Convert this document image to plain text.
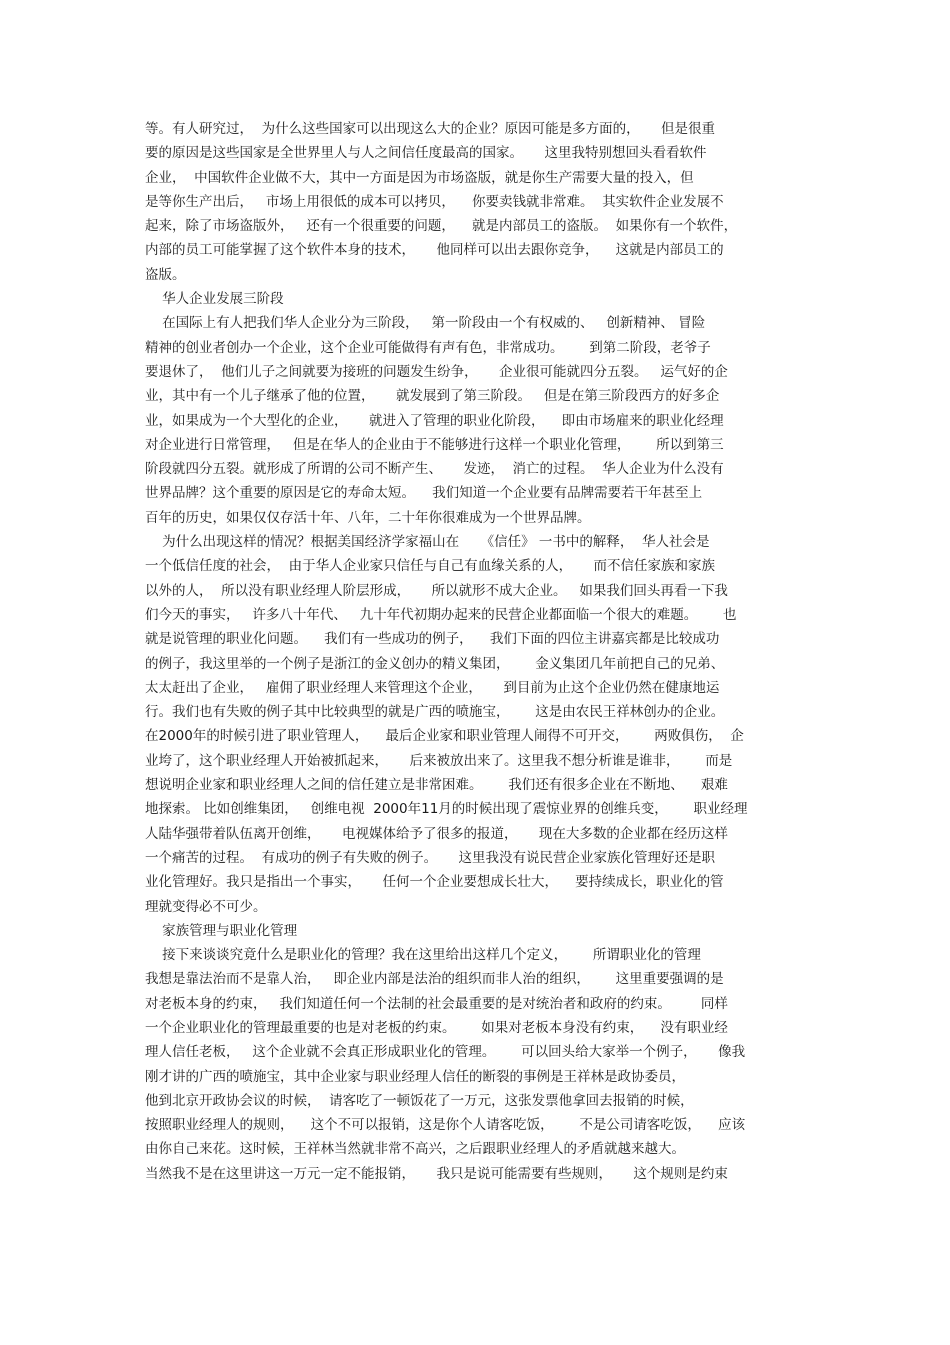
等。有人研究过，  为什么这些国家可以出现这么大的企业？原因可能是多方面的，     但是很重
要的原因是这些国家是全世界里人与人之间信任度最高的国家。     这里我特别想回头看看软件
企业，  中国软件企业做不大，其中一方面是因为市场盗版，就是你生产需要大量的投入，但
是等你生产出后，   市场上用很低的成本可以拷贝，    你要卖钱就非常难。  其实软件企业发展不
起来，除了市场盗版外，   还有一个很重要的问题，    就是内部员工的盗版。  如果你有一个软件，
内部的员工可能掌握了这个软件本身的技术，     他同样可以出去跟你竞争，    这就是内部员工的
盗版。
华人企业发展三阶段
在国际上有人把我们华人企业分为三阶段，   第一阶段由一个有权威的、   创新精神、 冒险
精神的创业者创办一个企业，这个企业可能做得有声有色，非常成功。      到第二阶段，老爷子
要退休了，  他们儿子之间就要为接班的问题发生纷争，     企业很可能就四分五裂。   运气好的企
业，其中有一个儿子继承了他的位置，     就发展到了第三阶段。   但是在第三阶段西方的好多企
业，如果成为一个大型化的企业，     就进入了管理的职业化阶段，    即由市场雇来的职业化经理
对企业进行日常管理，   但是在华人的企业由于不能够进行这样一个职业化管理，      所以到第三
阶段就四分五裂。就形成了所谓的公司不断产生、     发迹，  消亡的过程。  华人企业为什么没有
世界品牌？这个重要的原因是它的寿命太短。    我们知道一个企业要有品牌需要若干年甚至上
百年的历史，如果仅仅存活十年、八年，二十年你很难成为一个世界品牌。
为什么出现这样的情况？根据美国经济学家福山在     《信任》 一书中的解释，  华人社会是
一个低信任度的社会，  由于华人企业家只信任与自己有血缘关系的人，     而不信任家族和家族
以外的人，  所以没有职业经理人阶层形成，     所以就形不成大企业。   如果我们回头再看一下我
们今天的事实，   许多八十年代、   九十年代初期办起来的民营企业都面临一个很大的难题。      也
就是说管理的职业化问题。    我们有一些成功的例子，    我们下面的四位主讲嘉宾都是比较成功
的例子，我这里举的一个例子是浙江的金义创办的精义集团，      金义集团几年前把自己的兄弟、
太太赶出了企业，   雇佣了职业经理人来管理这个企业，     到目前为止这个企业仍然在健康地运
行。我们也有失败的例子其中比较典型的就是广西的喷施宝，      这是由农民王祥林创办的企业。
在2000年的时候引进了职业管理人，    最后企业家和职业管理人闹得不可开交，      两败俱伤，  企
业垮了，这个职业经理人开始被抓起来，     后来被放出来了。这里我不想分析谁是谁非，      而是
想说明企业家和职业经理人之间的信任建立是非常困难。      我们还有很多企业在不断地、    艰难
地探索。 比如创维集团，   创维电视  2000年11月的时候出现了震惊业界的创维兵变，      职业经理
人陆华强带着队伍离开创维，     电视媒体给予了很多的报道，     现在大多数的企业都在经历这样
一个痛苦的过程。  有成功的例子有失败的例子。     这里我没有说民营企业家族化管理好还是职
业化管理好。我只是指出一个事实，     任何一个企业要想成长壮大，    要持续成长，职业化的管
理就变得必不可少。
家族管理与职业化管理
接下来谈谈究竟什么是职业化的管理？我在这里给出这样几个定义，      所谓职业化的管理
我想是靠法治而不是靠人治，   即企业内部是法治的组织而非人治的组织，      这里重要强调的是
对老板本身的约束，   我们知道任何一个法制的社会最重要的是对统治者和政府的约束。       同样
一个企业职业化的管理最重要的也是对老板的约束。      如果对老板本身没有约束，    没有职业经
理人信任老板，   这个企业就不会真正形成职业化的管理。      可以回头给大家举一个例子，     像我
刚才讲的广西的喷施宝，其中企业家与职业经理人信任的断裂的事例是王祥林是政协委员，
他到北京开政协会议的时候，  请客吃了一顿饭花了一万元，这张发票他拿回去报销的时候，
按照职业经理人的规则，    这个不可以报销，这是你个人请客吃饭，      不是公司请客吃饭，    应该
由你自己来花。这时候，王祥林当然就非常不高兴，之后跟职业经理人的矛盾就越来越大。
当然我不是在这里讲这一万元一定不能报销，     我只是说可能需要有些规则，     这个规则是约束
